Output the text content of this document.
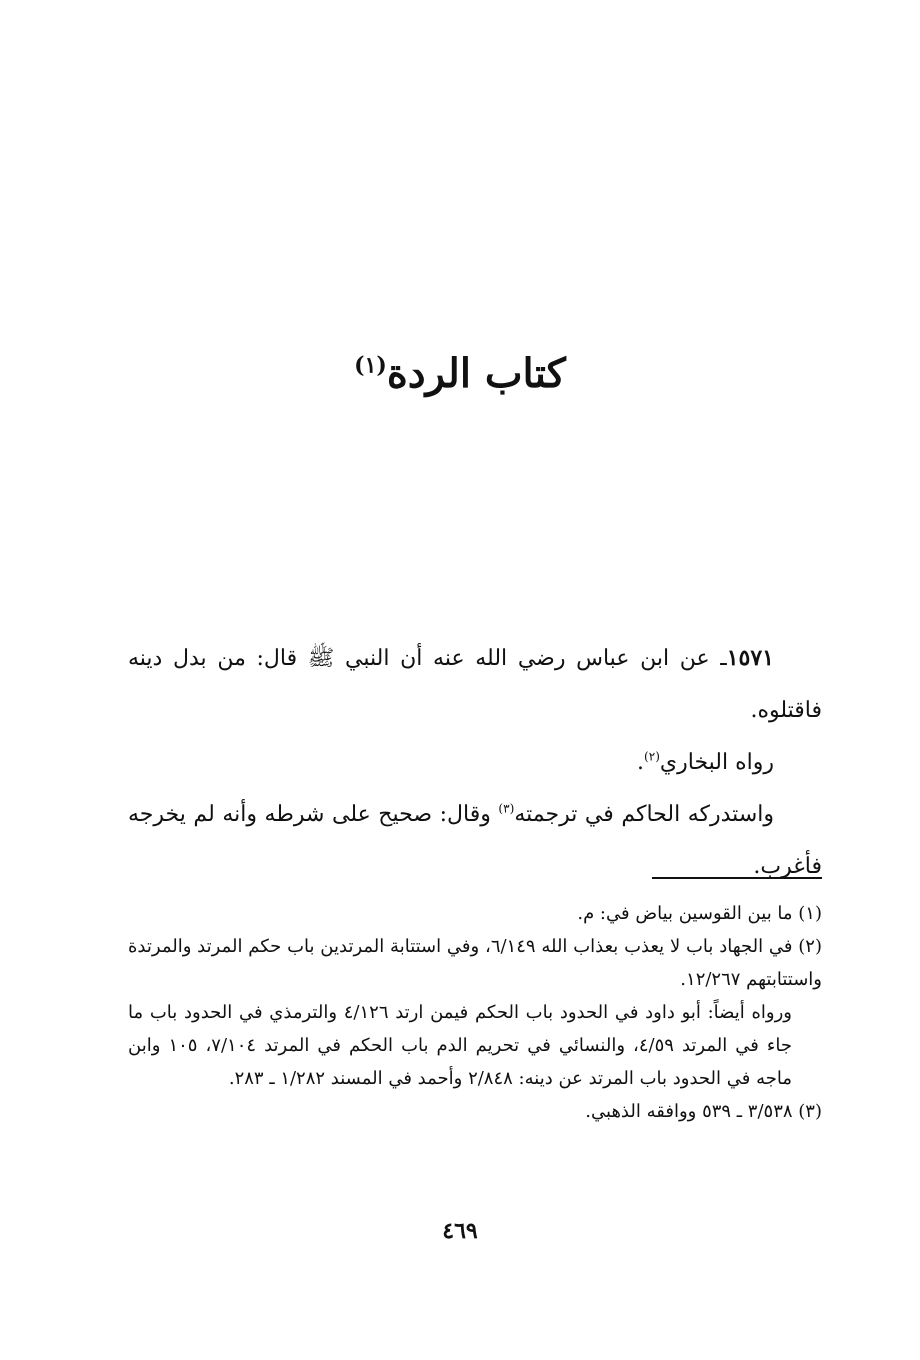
كتاب الردة$^{(١)}$

١٥٧١ـ عن ابن عباس رضي الله عنه أن النبي ﷺ قال: من بدل دينه فاقتلوه.

رواه البخاري$^{(٢)}$.

واستدركه الحاكم في ترجمته$^{(٣)}$ وقال: صحيح على شرطه وأنه لم يخرجه فأغرب.

(١) ما بين القوسين بياض في: م.

(٢) في الجهاد باب لا يعذب بعذاب الله ٦/١٤٩، وفي استتابة المرتدين باب حكم المرتد والمرتدة واستتابتهم ١٢/٢٦٧.

ورواه أيضاً: أبو داود في الحدود باب الحكم فيمن ارتد ٤/١٢٦ والترمذي في الحدود باب ما جاء في المرتد ٤/٥٩، والنسائي في تحريم الدم باب الحكم في المرتد ٧/١٠٤، ١٠٥ وابن ماجه في الحدود باب المرتد عن دينه: ٢/٨٤٨ وأحمد في المسند ١/٢٨٢ ـ ٢٨٣.

(٣) ٣/٥٣٨ ـ ٥٣٩ ووافقه الذهبي.

٤٦٩
